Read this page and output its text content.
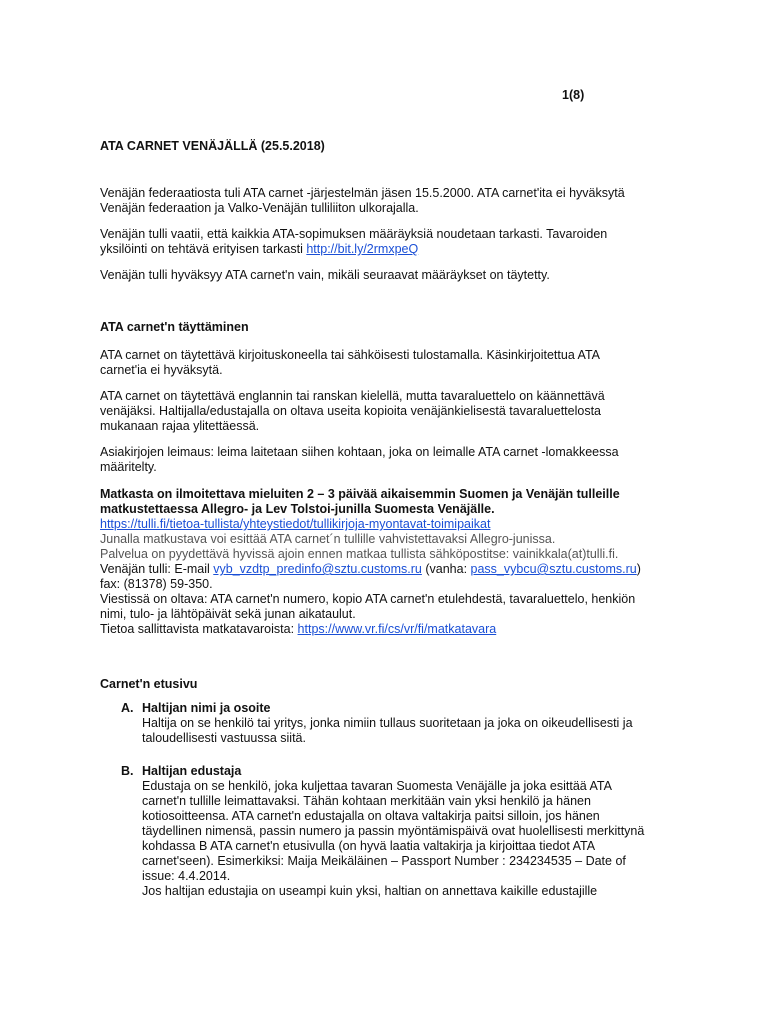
1(8)
ATA CARNET VENÄJÄLLÄ (25.5.2018)
Venäjän federaatiosta tuli ATA carnet -järjestelmän jäsen 15.5.2000. ATA carnet'ita ei hyväksytä
Venäjän federaation ja Valko-Venäjän tulliliiton ulkorajalla.
Venäjän tulli vaatii, että kaikkia ATA-sopimuksen määräyksiä noudetaan tarkasti. Tavaroiden
yksilöinti on tehtävä erityisen tarkasti http://bit.ly/2rmxpeQ
Venäjän tulli hyväksyy ATA carnet'n vain, mikäli seuraavat määräykset on täytetty.
ATA carnet'n täyttäminen
ATA carnet on täytettävä kirjoituskoneella tai sähköisesti tulostamalla. Käsinkirjoitettua ATA
carnet'ia ei hyväksytä.
ATA carnet on täytettävä englannin tai ranskan kielellä, mutta tavaraluettelo on käännettävä
venäjäksi. Haltijalla/edustajalla on oltava useita kopioita venäjänkielisestä tavaraluettelosta
mukanaan rajaa ylitettäessä.
Asiakirjojen leimaus: leima laitetaan siihen kohtaan, joka on leimalle ATA carnet -lomakkeessa
määritelty.
Matkasta on ilmoitettava mieluiten 2 – 3 päivää aikaisemmin Suomen ja Venäjän tulleille
matkustettaessa Allegro- ja Lev Tolstoi-junilla Suomesta Venäjälle.
https://tulli.fi/tietoa-tullista/yhteystiedot/tullikirjoja-myontavat-toimipaikat
Junalla matkustava voi esittää ATA carnet´n tullille vahvistettavaksi Allegro-junissa.
Palvelua on pyydettävä hyvissä ajoin ennen matkaa tullista sähköpostitse: vainikkala(at)tulli.fi.
Venäjän tulli: E-mail vyb_vzdtp_predinfo@sztu.customs.ru (vanha: pass_vybcu@sztu.customs.ru)
fax: (81378) 59-350.
Viestissä on oltava: ATA carnet'n numero, kopio ATA carnet'n etulehdestä, tavaraluettelo, henkiön
nimi, tulo- ja lähtöpäivät sekä junan aikataulut.
Tietoa sallittavista matkatavaroista: https://www.vr.fi/cs/vr/fi/matkatavara
Carnet'n etusivu
A. Haltijan nimi ja osoite
Haltija on se henkilö tai yritys, jonka nimiin tullaus suoritetaan ja joka on oikeudellisesti ja
taloudellisesti vastuussa siitä.
B. Haltijan edustaja
Edustaja on se henkilö, joka kuljettaa tavaran Suomesta Venäjälle ja joka esittää ATA
carnet'n tullille leimattavaksi. Tähän kohtaan merkitään vain yksi henkilö ja hänen
kotiosoitteensa. ATA carnet'n edustajalla on oltava valtakirja paitsi silloin, jos hänen
täydellinen nimensä, passin numero ja passin myöntämispäivä ovat huolellisesti merkittynä
kohdassa B ATA carnet'n etusivulla (on hyvä laatia valtakirja ja kirjoittaa tiedot ATA
carnet'seen). Esimerkiksi: Maija Meikäläinen – Passport Number : 234234535 – Date of
issue: 4.4.2014.
Jos haltijan edustajia on useampi kuin yksi, haltian on annettava kaikille edustajille
